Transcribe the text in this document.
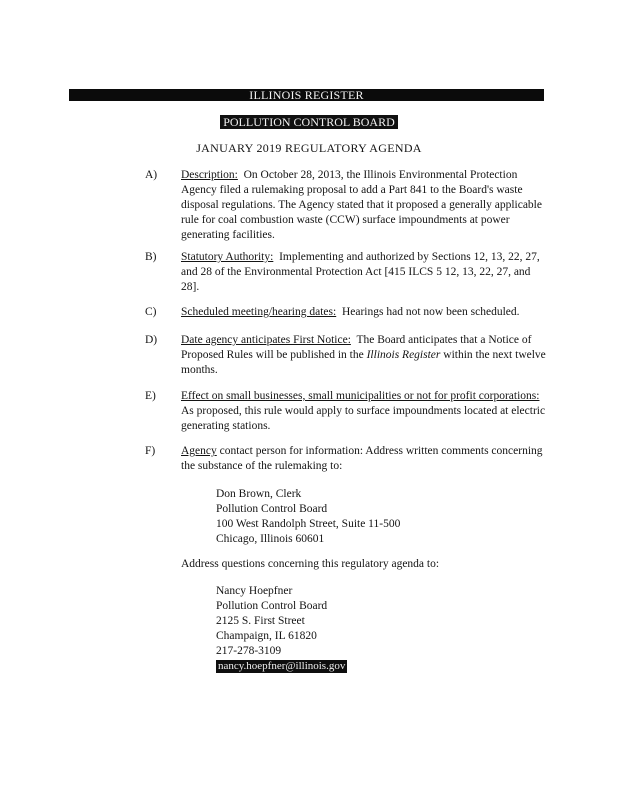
ILLINOIS REGISTER
POLLUTION CONTROL BOARD
JANUARY 2019 REGULATORY AGENDA
A) Description: On October 28, 2013, the Illinois Environmental Protection Agency filed a rulemaking proposal to add a Part 841 to the Board's waste disposal regulations. The Agency stated that it proposed a generally applicable rule for coal combustion waste (CCW) surface impoundments at power generating facilities.
B) Statutory Authority: Implementing and authorized by Sections 12, 13, 22, 27, and 28 of the Environmental Protection Act [415 ILCS 5 12, 13, 22, 27, and 28].
C) Scheduled meeting/hearing dates: Hearings had not now been scheduled.
D) Date agency anticipates First Notice: The Board anticipates that a Notice of Proposed Rules will be published in the Illinois Register within the next twelve months.
E) Effect on small businesses, small municipalities or not for profit corporations:  As proposed, this rule would apply to surface impoundments located at electric generating stations.
F) Agency contact person for information: Address written comments concerning the substance of the rulemaking to:
Don Brown, Clerk
Pollution Control Board
100 West Randolph Street, Suite 11-500
Chicago, Illinois 60601
Address questions concerning this regulatory agenda to:
Nancy Hoepfner
Pollution Control Board
2125 S. First Street
Champaign, IL 61820
217-278-3109
nancy.hoepfner@illinois.gov
